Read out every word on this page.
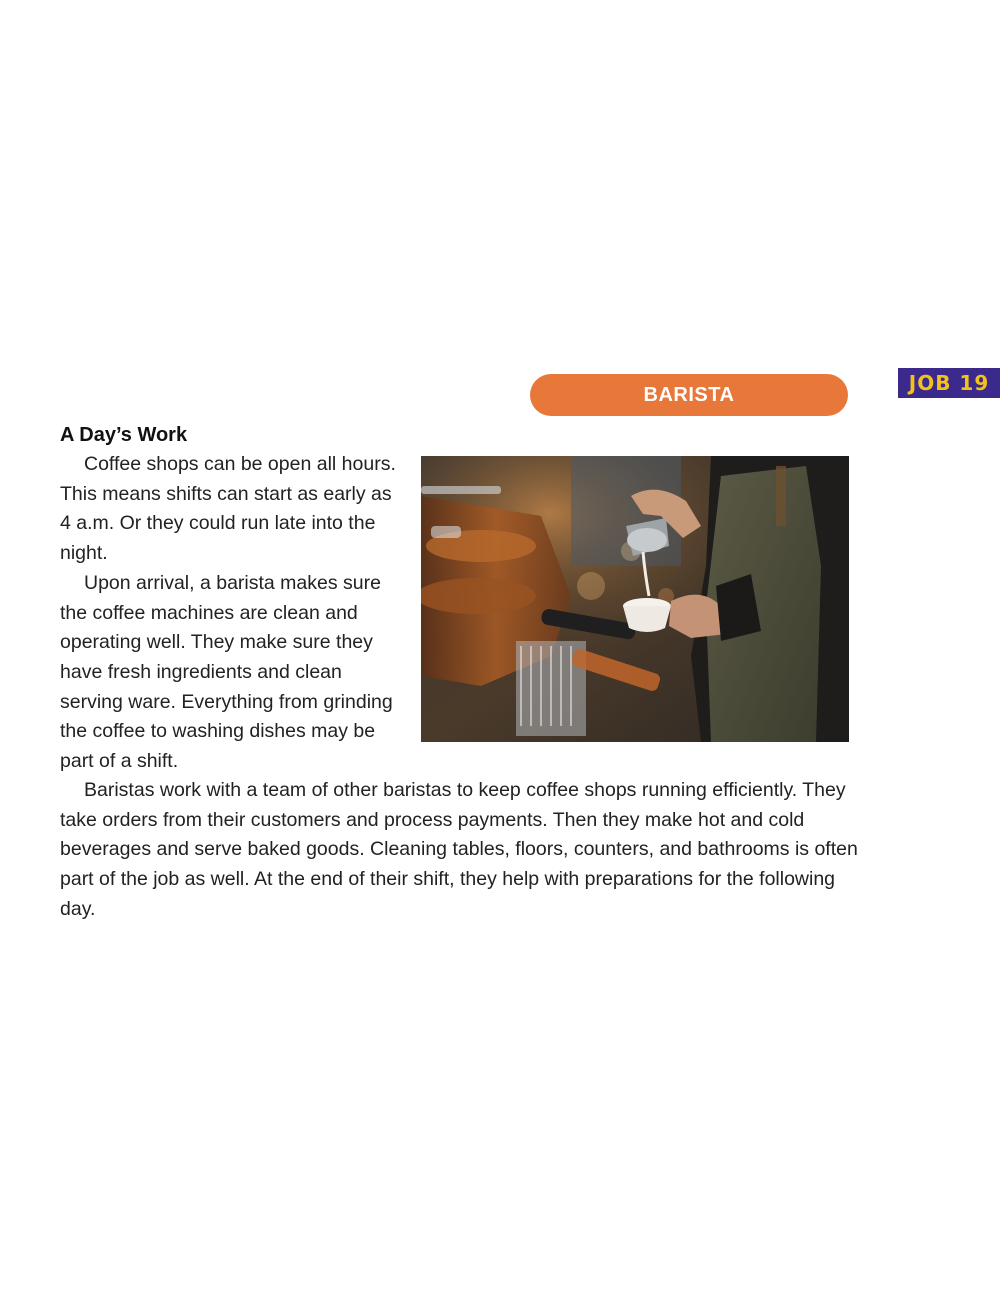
JOB 19
BARISTA
A Day’s Work

Coffee shops can be open all hours. This means shifts can start as early as 4 a.m. Or they could run late into the night.

Upon arrival, a barista makes sure the coffee machines are clean and operating well. They make sure they have fresh ingredients and clean serving ware. Everything from grinding the coffee to washing dishes may be part of a shift.

Baristas work with a team of other baristas to keep coffee shops running efficiently. They take orders from their customers and process payments. Then they make hot and cold beverages and serve baked goods. Cleaning tables, floors, counters, and bathrooms is often part of the job as well. At the end of their shift, they help with preparations for the following day.
